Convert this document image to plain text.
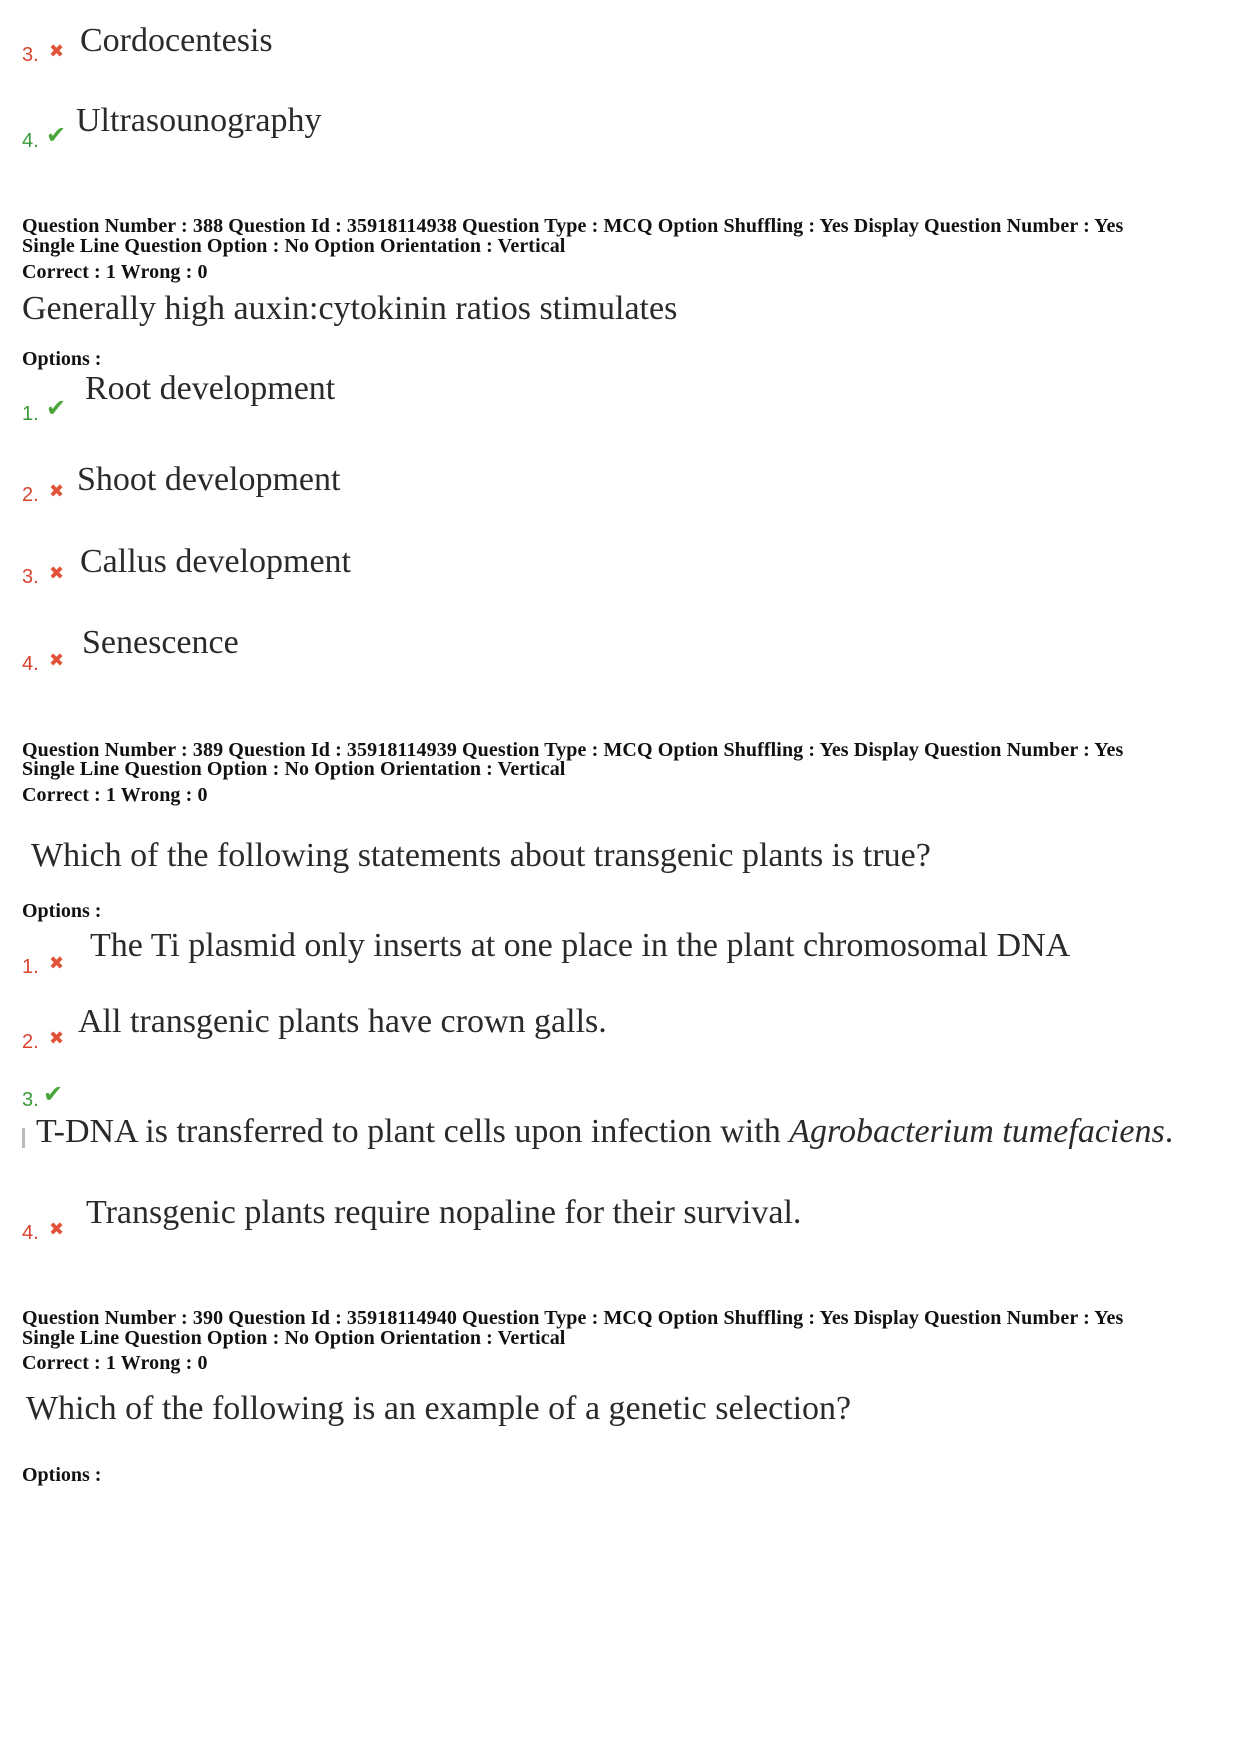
3. ✖ Cordocentesis
4. ✔ Ultrasounography
Question Number : 388 Question Id : 35918114938 Question Type : MCQ Option Shuffling : Yes Display Question Number : Yes
Single Line Question Option : No Option Orientation : Vertical
Correct : 1 Wrong : 0
Generally high auxin:cytokinin ratios stimulates
Options :
1. ✔
Root development
2. ✖ Shoot development
3. ✖ Callus development
4. ✖ Senescence
Question Number : 389 Question Id : 35918114939 Question Type : MCQ Option Shuffling : Yes Display Question Number : Yes
Single Line Question Option : No Option Orientation : Vertical
Correct : 1 Wrong : 0
Which of the following statements about transgenic plants is true?
Options :
1. ✖ The Ti plasmid only inserts at one place in the plant chromosomal DNA
2. ✖ All transgenic plants have crown galls.
3. ✔
T-DNA is transferred to plant cells upon infection with Agrobacterium tumefaciens.
4. ✖ Transgenic plants require nopaline for their survival.
Question Number : 390 Question Id : 35918114940 Question Type : MCQ Option Shuffling : Yes Display Question Number : Yes
Single Line Question Option : No Option Orientation : Vertical
Correct : 1 Wrong : 0
Which of the following is an example of a genetic selection?
Options :
